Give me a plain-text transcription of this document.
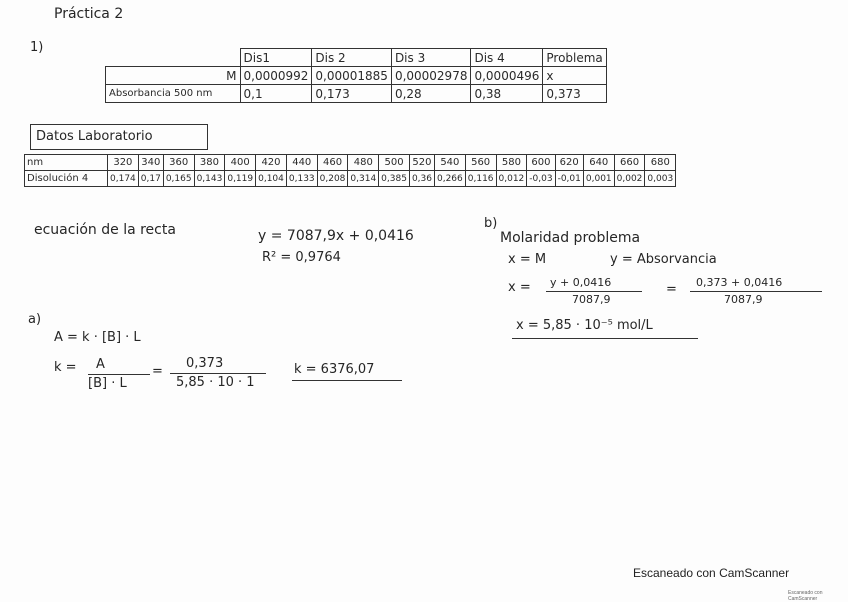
Práctica 2
1)
	Dis1	Dis 2	Dis 3	Dis 4	Problema
M	0,0000992	0,00001885	0,00002978	0,0000496	x
Absorbancia 500 nm	0,1	0,173	0,28	0,38	0,373
Datos Laboratorio
nm	320	340	360	380	400	420	440	460	480	500	520	540	560	580	600	620	640	660	680
Disolución 4	0,174	0,17	0,165	0,143	0,119	0,104	0,133	0,208	0,314	0,385	0,36	0,266	0,116	0,012	-0,03	-0,01	0,001	0,002	0,003
ecuación de la recta	y = 7087,9x + 0,0416
R² = 0,9764
a)
A = k · [B] · L
k = A
[B] · L
=
0,373
5,85 · 10 · 1
k = 6376,07
b)
Molaridad problema
x = M	y = Absorvancia
x = y + 0,0416
7087,9
= 0,373 + 0,0416
7087,9
x = 5,85 · 10⁻⁵ mol/L
Escaneado con CamScanner
Escaneado con CamScanner
